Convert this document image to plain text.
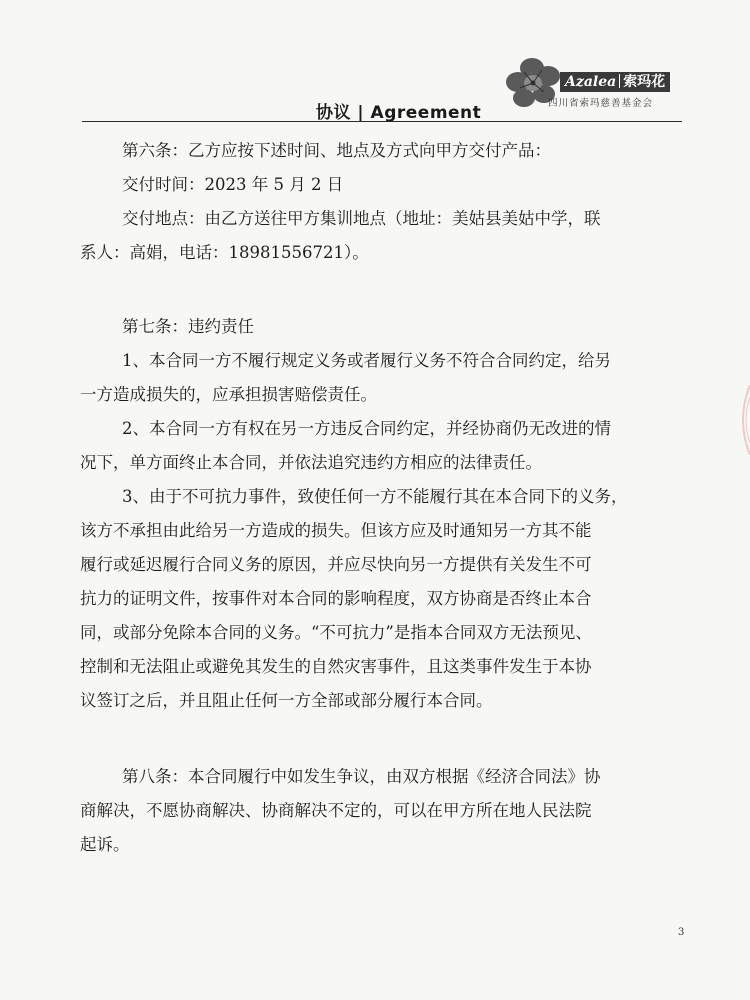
Azalea 索玛花
四川省索玛慈善基金会
协议 | Agreement
第六条：乙方应按下述时间、地点及方式向甲方交付产品：
交付时间：2023 年 5 月 2 日
交付地点：由乙方送往甲方集训地点（地址：美姑县美姑中学，联
系人：高娟，电话：18981556721）。
第七条：违约责任
1、本合同一方不履行规定义务或者履行义务不符合合同约定，给另
一方造成损失的，应承担损害赔偿责任。
2、本合同一方有权在另一方违反合同约定，并经协商仍无改进的情
况下，单方面终止本合同，并依法追究违约方相应的法律责任。
3、由于不可抗力事件，致使任何一方不能履行其在本合同下的义务，
该方不承担由此给另一方造成的损失。但该方应及时通知另一方其不能
履行或延迟履行合同义务的原因，并应尽快向另一方提供有关发生不可
抗力的证明文件，按事件对本合同的影响程度，双方协商是否终止本合
同，或部分免除本合同的义务。“不可抗力”是指本合同双方无法预见、
控制和无法阻止或避免其发生的自然灾害事件，且这类事件发生于本协
议签订之后，并且阻止任何一方全部或部分履行本合同。
第八条：本合同履行中如发生争议，由双方根据《经济合同法》协
商解决，不愿协商解决、协商解决不定的，可以在甲方所在地人民法院
起诉。
3
